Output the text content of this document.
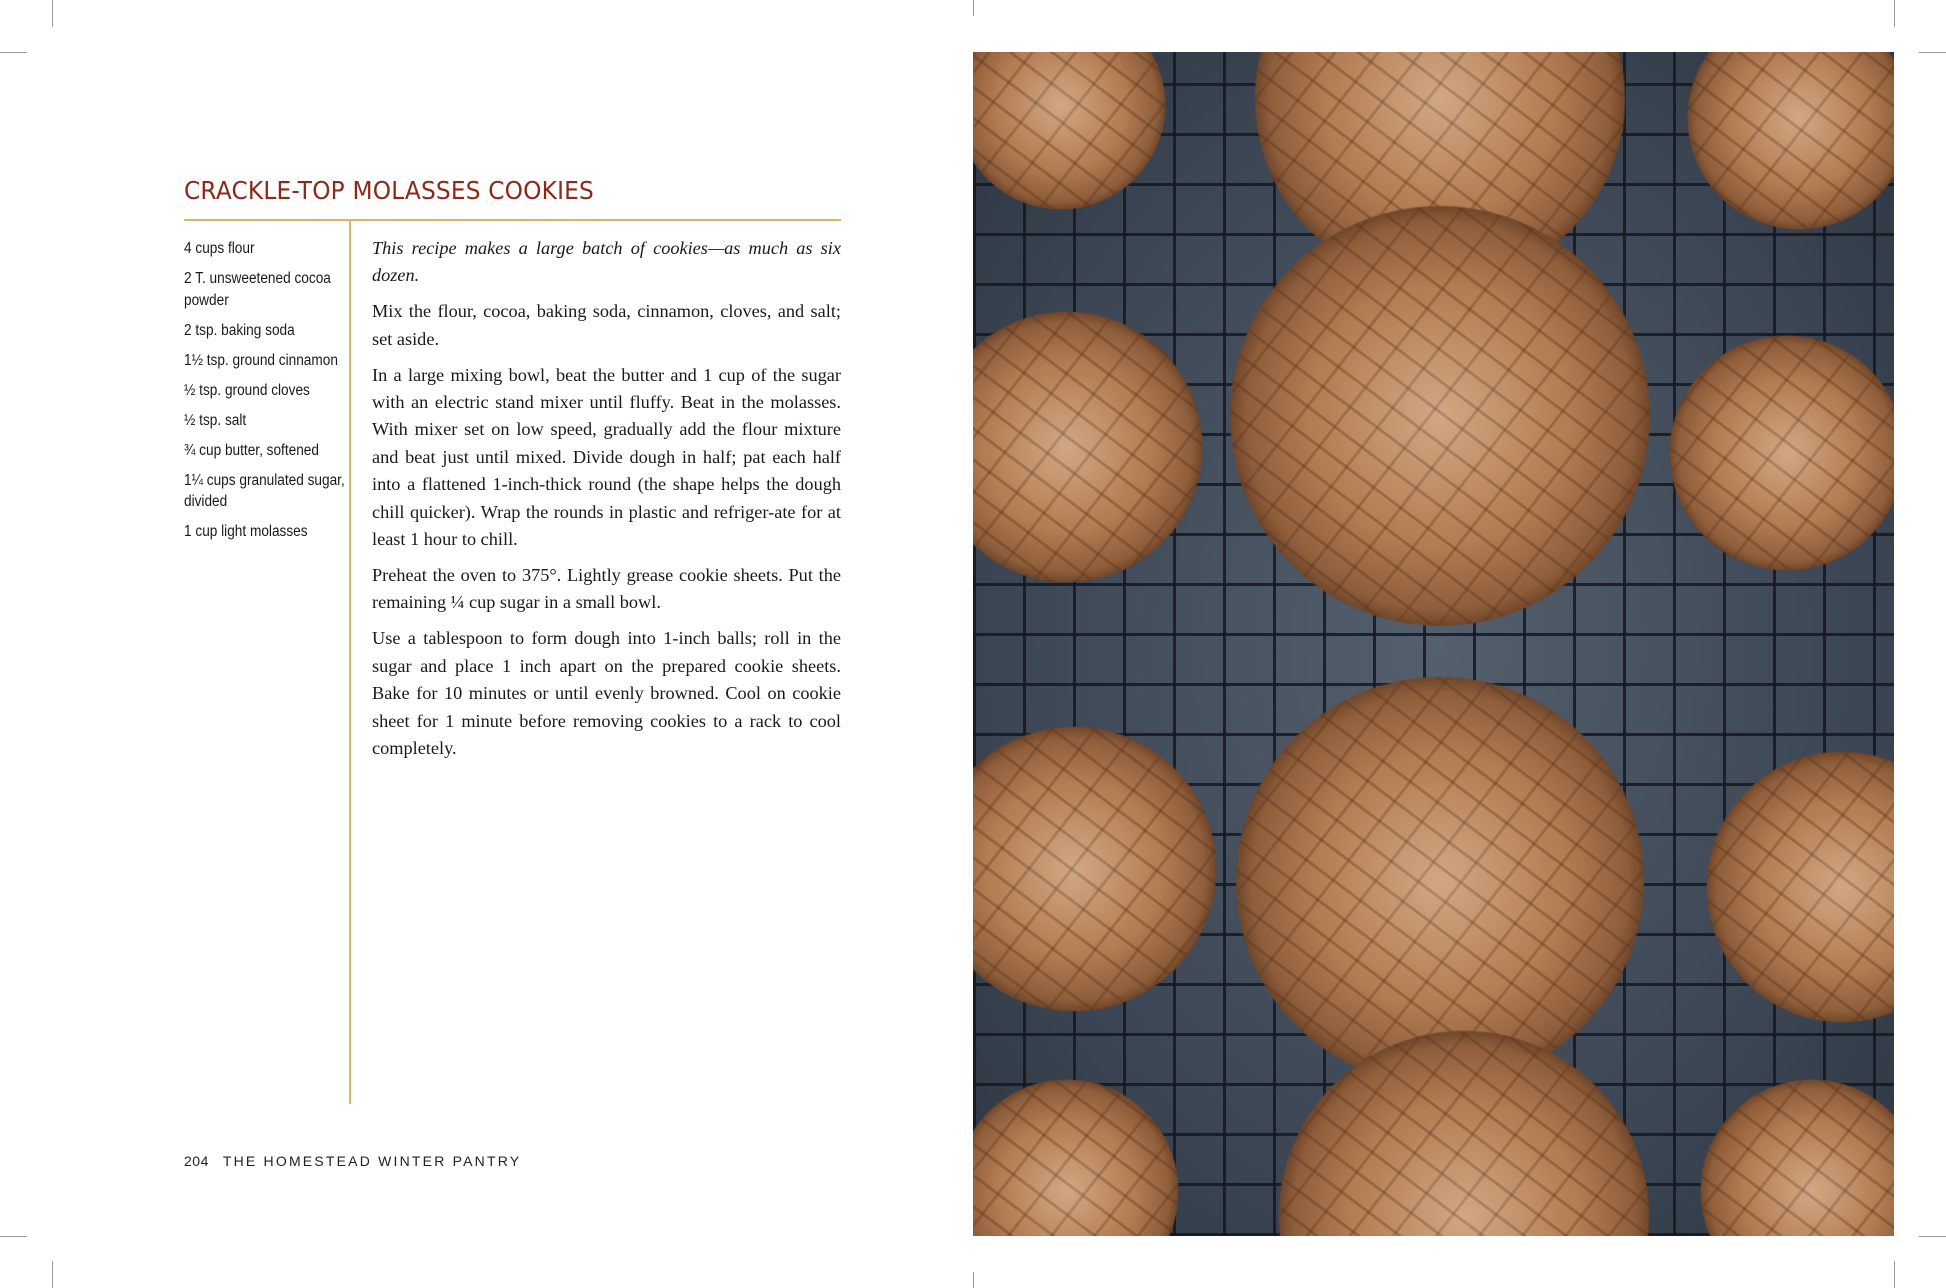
CRACKLE-TOP MOLASSES COOKIES
4 cups flour
2 T. unsweetened cocoa powder
2 tsp. baking soda
1½ tsp. ground cinnamon
½ tsp. ground cloves
½ tsp. salt
¾ cup butter, softened
1¼ cups granulated sugar, divided
1 cup light molasses

This recipe makes a large batch of cookies—as much as six dozen.

Mix the flour, cocoa, baking soda, cinnamon, cloves, and salt; set aside.

In a large mixing bowl, beat the butter and 1 cup of the sugar with an electric stand mixer until fluffy. Beat in the molasses. With mixer set on low speed, gradually add the flour mixture and beat just until mixed. Divide dough in half; pat each half into a flattened 1-inch-thick round (the shape helps the dough chill quicker). Wrap the rounds in plastic and refriger-ate for at least 1 hour to chill.

Preheat the oven to 375°. Lightly grease cookie sheets. Put the remaining ¼ cup sugar in a small bowl.

Use a tablespoon to form dough into 1-inch balls; roll in the sugar and place 1 inch apart on the prepared cookie sheets. Bake for 10 minutes or until evenly browned. Cool on cookie sheet for 1 minute before removing cookies to a rack to cool completely.

204 THE HOMESTEAD WINTER PANTRY
